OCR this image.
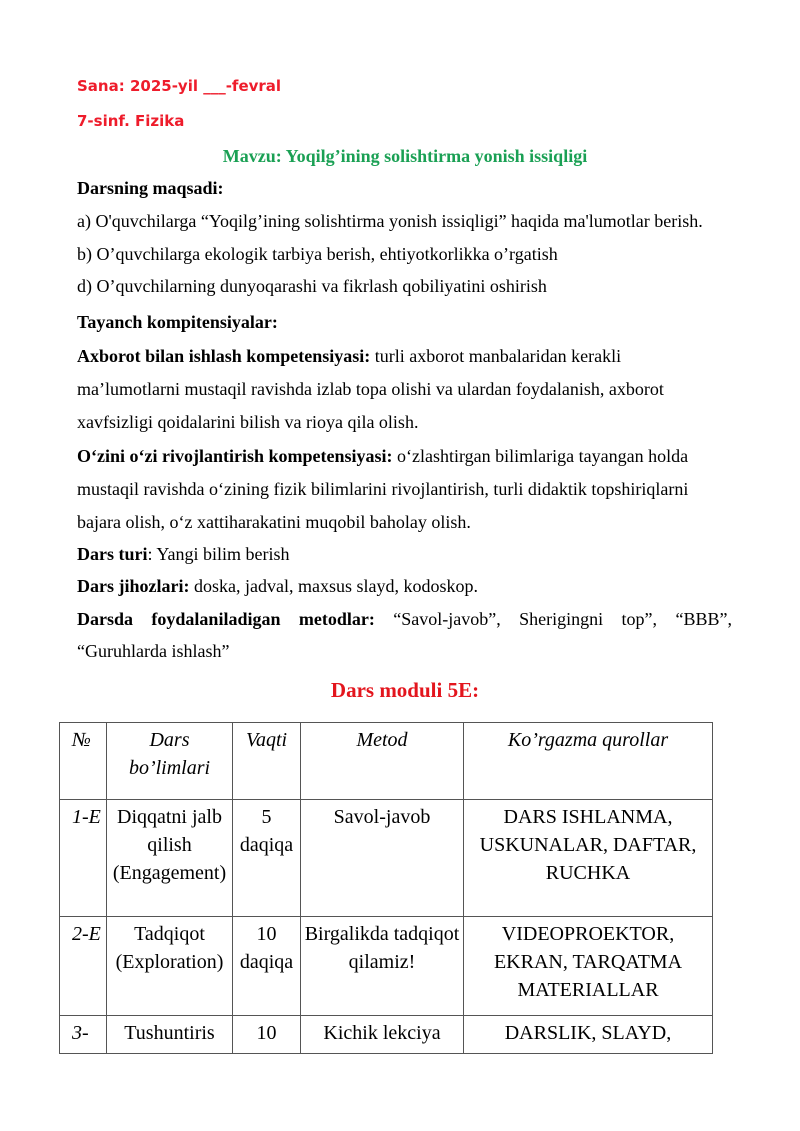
Sana: 2025-yil ___-fevral
7-sinf. Fizika
Mavzu: Yoqilg’ining solishtirma yonish issiqligi
Darsning maqsadi:
a) O'quvchilarga “Yoqilg’ining solishtirma yonish issiqligi” haqida ma'lumotlar berish.
b) O’quvchilarga ekologik tarbiya berish, ehtiyotkorlikka o’rgatish
d) O’quvchilarning dunyoqarashi va fikrlash qobiliyatini oshirish
Tayanch kompitensiyalar:
Axborot bilan ishlash kompetensiyasi: turli axborot manbalaridan kerakli
ma’lumotlarni mustaqil ravishda izlab topa olishi va ulardan foydalanish, axborot
xavfsizligi qoidalarini bilish va rioya qila olish.
O‘zini o‘zi rivojlantirish kompetensiyasi: o‘zlashtirgan bilimlariga tayangan holda
mustaqil ravishda o‘zining fizik bilimlarini rivojlantirish, turli didaktik topshiriqlarni
bajara olish, o‘z xattiharakatini muqobil baholay olish.
Dars turi: Yangi bilim berish
Dars jihozlari: doska, jadval, maxsus slayd, kodoskop.
Darsda foydalaniladigan metodlar: “Savol-javob”, Sherigingni top”, “BBB”,
“Guruhlarda ishlash”
Dars moduli 5E:
№	Dars bo’limlari	Vaqti	Metod	Ko’rgazma qurollar
1-E	Diqqatni jalb qilish (Engagement)	5 daqiqa	Savol-javob	DARS ISHLANMA, USKUNALAR, DAFTAR, RUCHKA
2-E	Tadqiqot (Exploration)	10 daqiqa	Birgalikda tadqiqot qilamiz!	VIDEOPROEKTOR, EKRAN, TARQATMA MATERIALLAR
3-	Tushuntiris	10	Kichik lekciya	DARSLIK, SLAYD,
